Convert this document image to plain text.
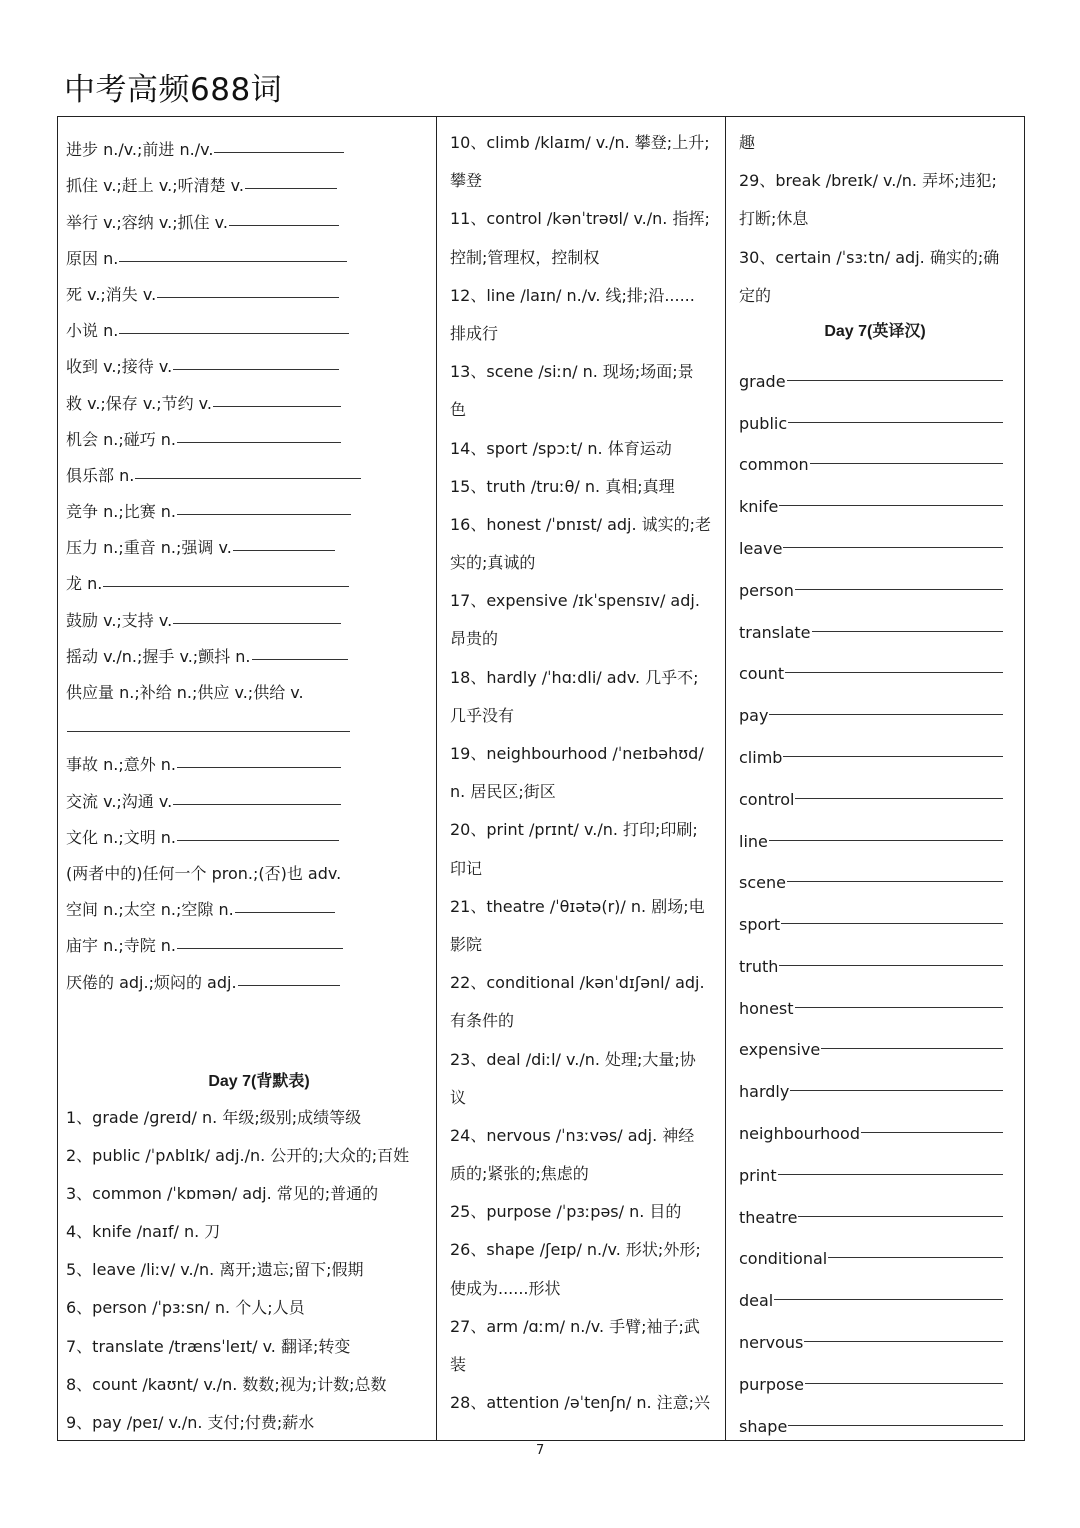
中考高频688词
进步 n./v.;前进 n./v.
抓住 v.;赶上 v.;听清楚 v.
举行 v.;容纳 v.;抓住 v.
原因 n.
死 v.;消失 v.
小说 n.
收到 v.;接待 v.
救 v.;保存 v.;节约 v.
机会 n.;碰巧 n.
俱乐部 n.
竞争 n.;比赛 n.
压力 n.;重音 n.;强调 v.
龙 n.
鼓励 v.;支持 v.
摇动 v./n.;握手 v.;颤抖 n.
供应量 n.;补给 n.;供应 v.;供给 v.
事故 n.;意外 n.
交流 v.;沟通 v.
文化 n.;文明 n.
(两者中的)任何一个 pron.;(否)也 adv.
空间 n.;太空 n.;空隙 n.
庙宇 n.;寺院 n.
厌倦的 adj.;烦闷的 adj.
Day 7(背默表)
1、grade /ɡreɪd/ n. 年级;级别;成绩等级
2、public /ˈpʌblɪk/ adj./n. 公开的;大众的;百姓
3、common /ˈkɒmən/ adj. 常见的;普通的
4、knife /naɪf/ n. 刀
5、leave /liːv/ v./n. 离开;遗忘;留下;假期
6、person /ˈpɜːsn/ n. 个人;人员
7、translate /trænsˈleɪt/ v. 翻译;转变
8、count /kaʊnt/ v./n. 数数;视为;计数;总数
9、pay /peɪ/ v./n. 支付;付费;薪水
10、climb /klaɪm/ v./n. 攀登;上升;
攀登
11、control /kənˈtrəʊl/ v./n. 指挥;
控制;管理权，控制权
12、line /laɪn/ n./v. 线;排;沿......
排成行
13、scene /siːn/ n. 现场;场面;景
色
14、sport /spɔːt/ n. 体育运动
15、truth /truːθ/ n. 真相;真理
16、honest /ˈɒnɪst/ adj. 诚实的;老
实的;真诚的
17、expensive /ɪkˈspensɪv/ adj.
昂贵的
18、hardly /ˈhɑːdli/ adv. 几乎不;
几乎没有
19、neighbourhood /ˈneɪbəhʊd/
n. 居民区;街区
20、print /prɪnt/ v./n. 打印;印刷;
印记
21、theatre /ˈθɪətə(r)/ n. 剧场;电
影院
22、conditional /kənˈdɪʃənl/ adj.
有条件的
23、deal /diːl/ v./n. 处理;大量;协
议
24、nervous /ˈnɜːvəs/ adj. 神经
质的;紧张的;焦虑的
25、purpose /ˈpɜːpəs/ n. 目的
26、shape /ʃeɪp/ n./v. 形状;外形;
使成为......形状
27、arm /ɑːm/ n./v. 手臂;袖子;武
装
28、attention /əˈtenʃn/ n. 注意;兴
趣
29、break /breɪk/ v./n. 弄坏;违犯;
打断;休息
30、certain /ˈsɜːtn/ adj. 确实的;确
定的
Day 7(英译汉)
grade
public
common
knife
leave
person
translate
count
pay
climb
control
line
scene
sport
truth
honest
expensive
hardly
neighbourhood
print
theatre
conditional
deal
nervous
purpose
shape
7
